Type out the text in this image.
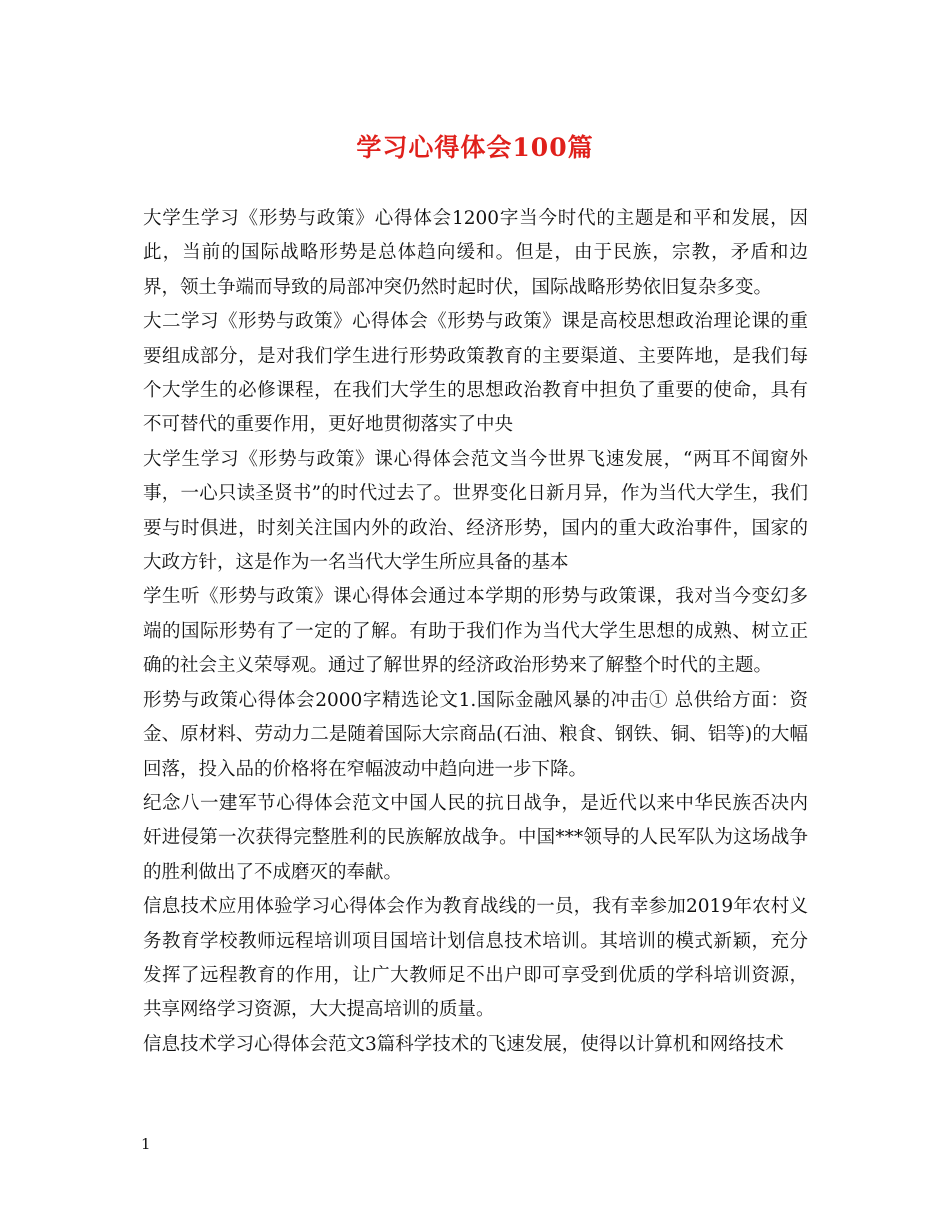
学习心得体会100篇

大学生学习《形势与政策》心得体会1200字当今时代的主题是和平和发展，因此，当前的国际战略形势是总体趋向缓和。但是，由于民族，宗教，矛盾和边界，领土争端而导致的局部冲突仍然时起时伏，国际战略形势依旧复杂多变。

大二学习《形势与政策》心得体会《形势与政策》课是高校思想政治理论课的重要组成部分，是对我们学生进行形势政策教育的主要渠道、主要阵地，是我们每个大学生的必修课程，在我们大学生的思想政治教育中担负了重要的使命，具有不可替代的重要作用，更好地贯彻落实了中央

大学生学习《形势与政策》课心得体会范文当今世界飞速发展，“两耳不闻窗外事，一心只读圣贤书”的时代过去了。世界变化日新月异，作为当代大学生，我们要与时俱进，时刻关注国内外的政治、经济形势，国内的重大政治事件，国家的大政方针，这是作为一名当代大学生所应具备的基本

学生听《形势与政策》课心得体会通过本学期的形势与政策课，我对当今变幻多端的国际形势有了一定的了解。有助于我们作为当代大学生思想的成熟、树立正确的社会主义荣辱观。通过了解世界的经济政治形势来了解整个时代的主题。

形势与政策心得体会2000字精选论文1.国际金融风暴的冲击① 总供给方面：资金、原材料、劳动力二是随着国际大宗商品(石油、粮食、钢铁、铜、铝等)的大幅回落，投入品的价格将在窄幅波动中趋向进一步下降。

纪念八一建军节心得体会范文中国人民的抗日战争，是近代以来中华民族否决内奸进侵第一次获得完整胜利的民族解放战争。中国***领导的人民军队为这场战争的胜利做出了不成磨灭的奉献。

信息技术应用体验学习心得体会作为教育战线的一员，我有幸参加2019年农村义务教育学校教师远程培训项目国培计划信息技术培训。其培训的模式新颖，充分发挥了远程教育的作用，让广大教师足不出户即可享受到优质的学科培训资源，共享网络学习资源，大大提高培训的质量。

信息技术学习心得体会范文3篇科学技术的飞速发展，使得以计算机和网络技术

1
